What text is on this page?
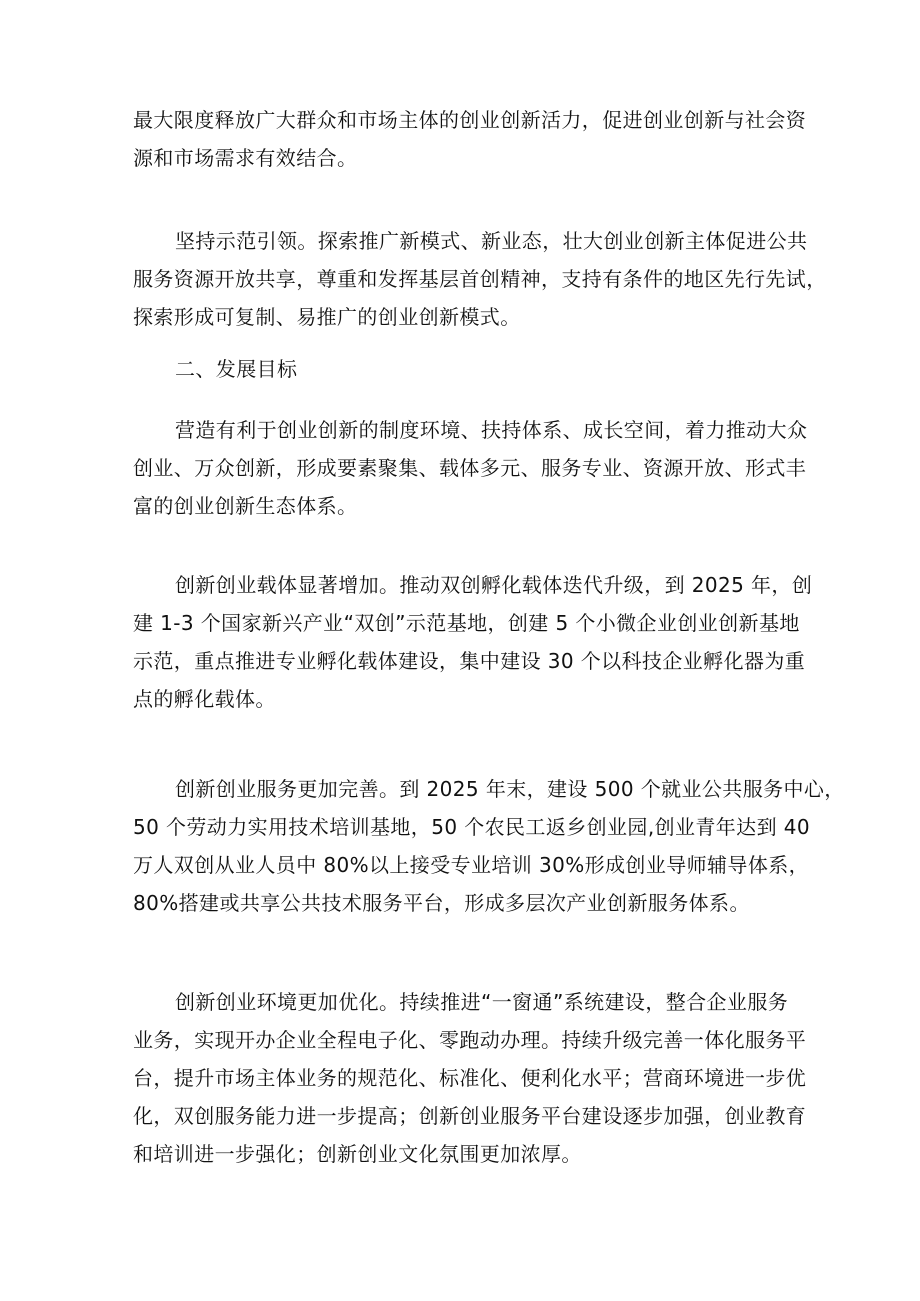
最大限度释放广大群众和市场主体的创业创新活力，促进创业创新与社会资
源和市场需求有效结合。

坚持示范引领。探索推广新模式、新业态，壮大创业创新主体促进公共
服务资源开放共享，尊重和发挥基层首创精神，支持有条件的地区先行先试，
探索形成可复制、易推广的创业创新模式。

二、发展目标

营造有利于创业创新的制度环境、扶持体系、成长空间，着力推动大众
创业、万众创新，形成要素聚集、载体多元、服务专业、资源开放、形式丰
富的创业创新生态体系。

创新创业载体显著增加。推动双创孵化载体迭代升级，到 2025 年，创
建 1-3 个国家新兴产业“双创”示范基地，创建 5 个小微企业创业创新基地
示范，重点推进专业孵化载体建设，集中建设 30 个以科技企业孵化器为重
点的孵化载体。

创新创业服务更加完善。到 2025 年末，建设 500 个就业公共服务中心，
50 个劳动力实用技术培训基地，50 个农民工返乡创业园,创业青年达到 40
万人双创从业人员中 80%以上接受专业培训 30%形成创业导师辅导体系，
80%搭建或共享公共技术服务平台，形成多层次产业创新服务体系。

创新创业环境更加优化。持续推进“一窗通”系统建设，整合企业服务
业务，实现开办企业全程电子化、零跑动办理。持续升级完善一体化服务平
台，提升市场主体业务的规范化、标准化、便利化水平；营商环境进一步优
化，双创服务能力进一步提高；创新创业服务平台建设逐步加强，创业教育
和培训进一步强化；创新创业文化氛围更加浓厚。
